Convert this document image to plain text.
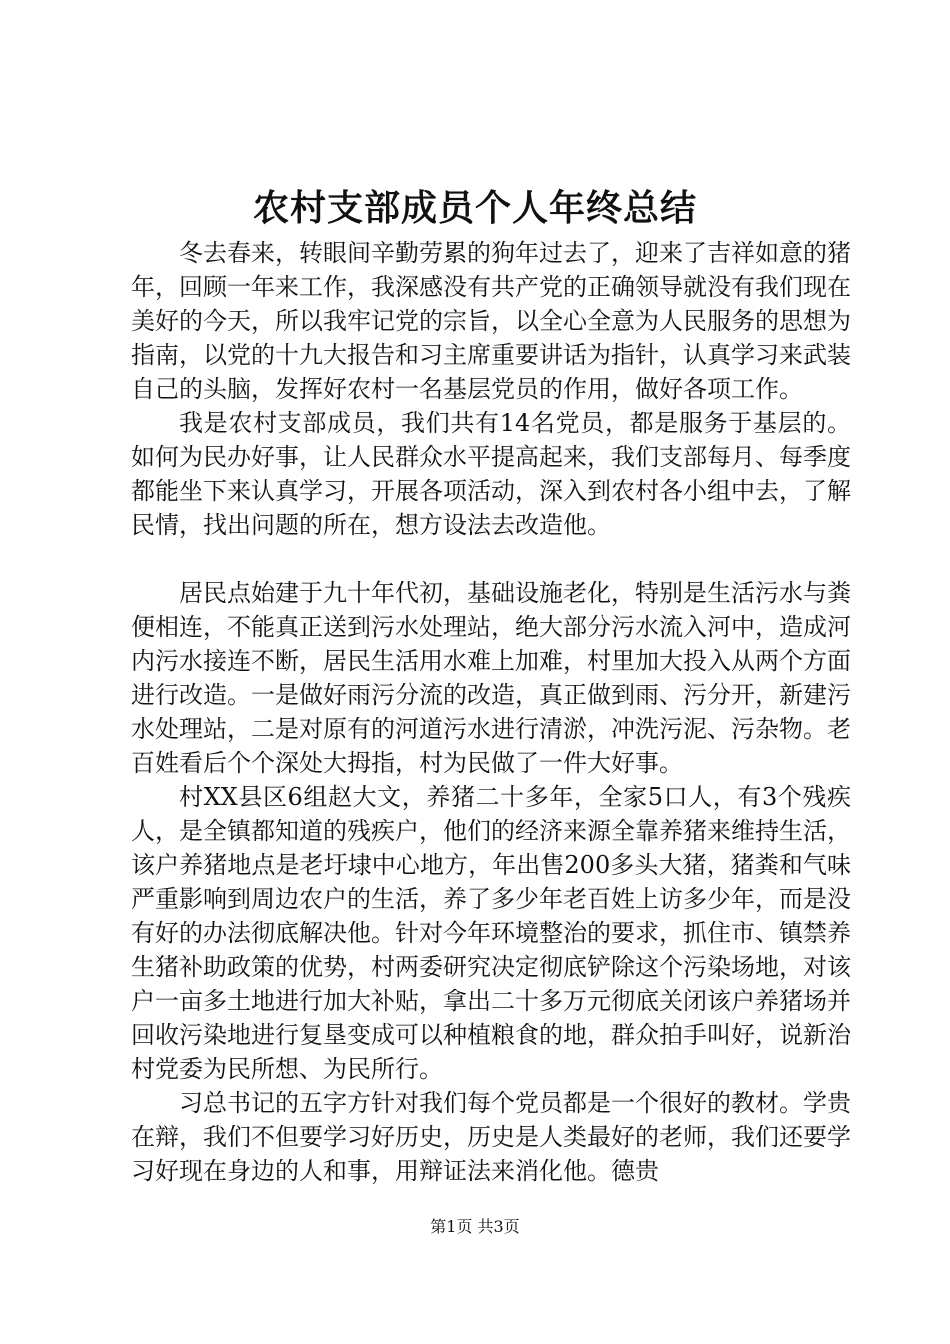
农村支部成员个人年终总结

冬去春来，转眼间辛勤劳累的狗年过去了，迎来了吉祥如意的猪年，回顾一年来工作，我深感没有共产党的正确领导就没有我们现在美好的今天，所以我牢记党的宗旨，以全心全意为人民服务的思想为指南，以党的十九大报告和习主席重要讲话为指针，认真学习来武装自己的头脑，发挥好农村一名基层党员的作用，做好各项工作。

我是农村支部成员，我们共有14名党员，都是服务于基层的。如何为民办好事，让人民群众水平提高起来，我们支部每月、每季度都能坐下来认真学习，开展各项活动，深入到农村各小组中去，了解民情，找出问题的所在，想方设法去改造他。

居民点始建于九十年代初，基础设施老化，特别是生活污水与粪便相连，不能真正送到污水处理站，绝大部分污水流入河中，造成河内污水接连不断，居民生活用水难上加难，村里加大投入从两个方面进行改造。一是做好雨污分流的改造，真正做到雨、污分开，新建污水处理站，二是对原有的河道污水进行清淤，冲洗污泥、污杂物。老百姓看后个个深处大拇指，村为民做了一件大好事。

村XX县区6组赵大文，养猪二十多年，全家5口人，有3个残疾人，是全镇都知道的残疾户，他们的经济来源全靠养猪来维持生活，该户养猪地点是老圩埭中心地方，年出售200多头大猪，猪粪和气味严重影响到周边农户的生活，养了多少年老百姓上访多少年，而是没有好的办法彻底解决他。针对今年环境整治的要求，抓住市、镇禁养生猪补助政策的优势，村两委研究决定彻底铲除这个污染场地，对该户一亩多土地进行加大补贴，拿出二十多万元彻底关闭该户养猪场并回收污染地进行复垦变成可以种植粮食的地，群众拍手叫好，说新治村党委为民所想、为民所行。

习总书记的五字方针对我们每个党员都是一个很好的教材。学贵在辩，我们不但要学习好历史，历史是人类最好的老师，我们还要学习好现在身边的人和事，用辩证法来消化他。德贵

第1页 共3页
